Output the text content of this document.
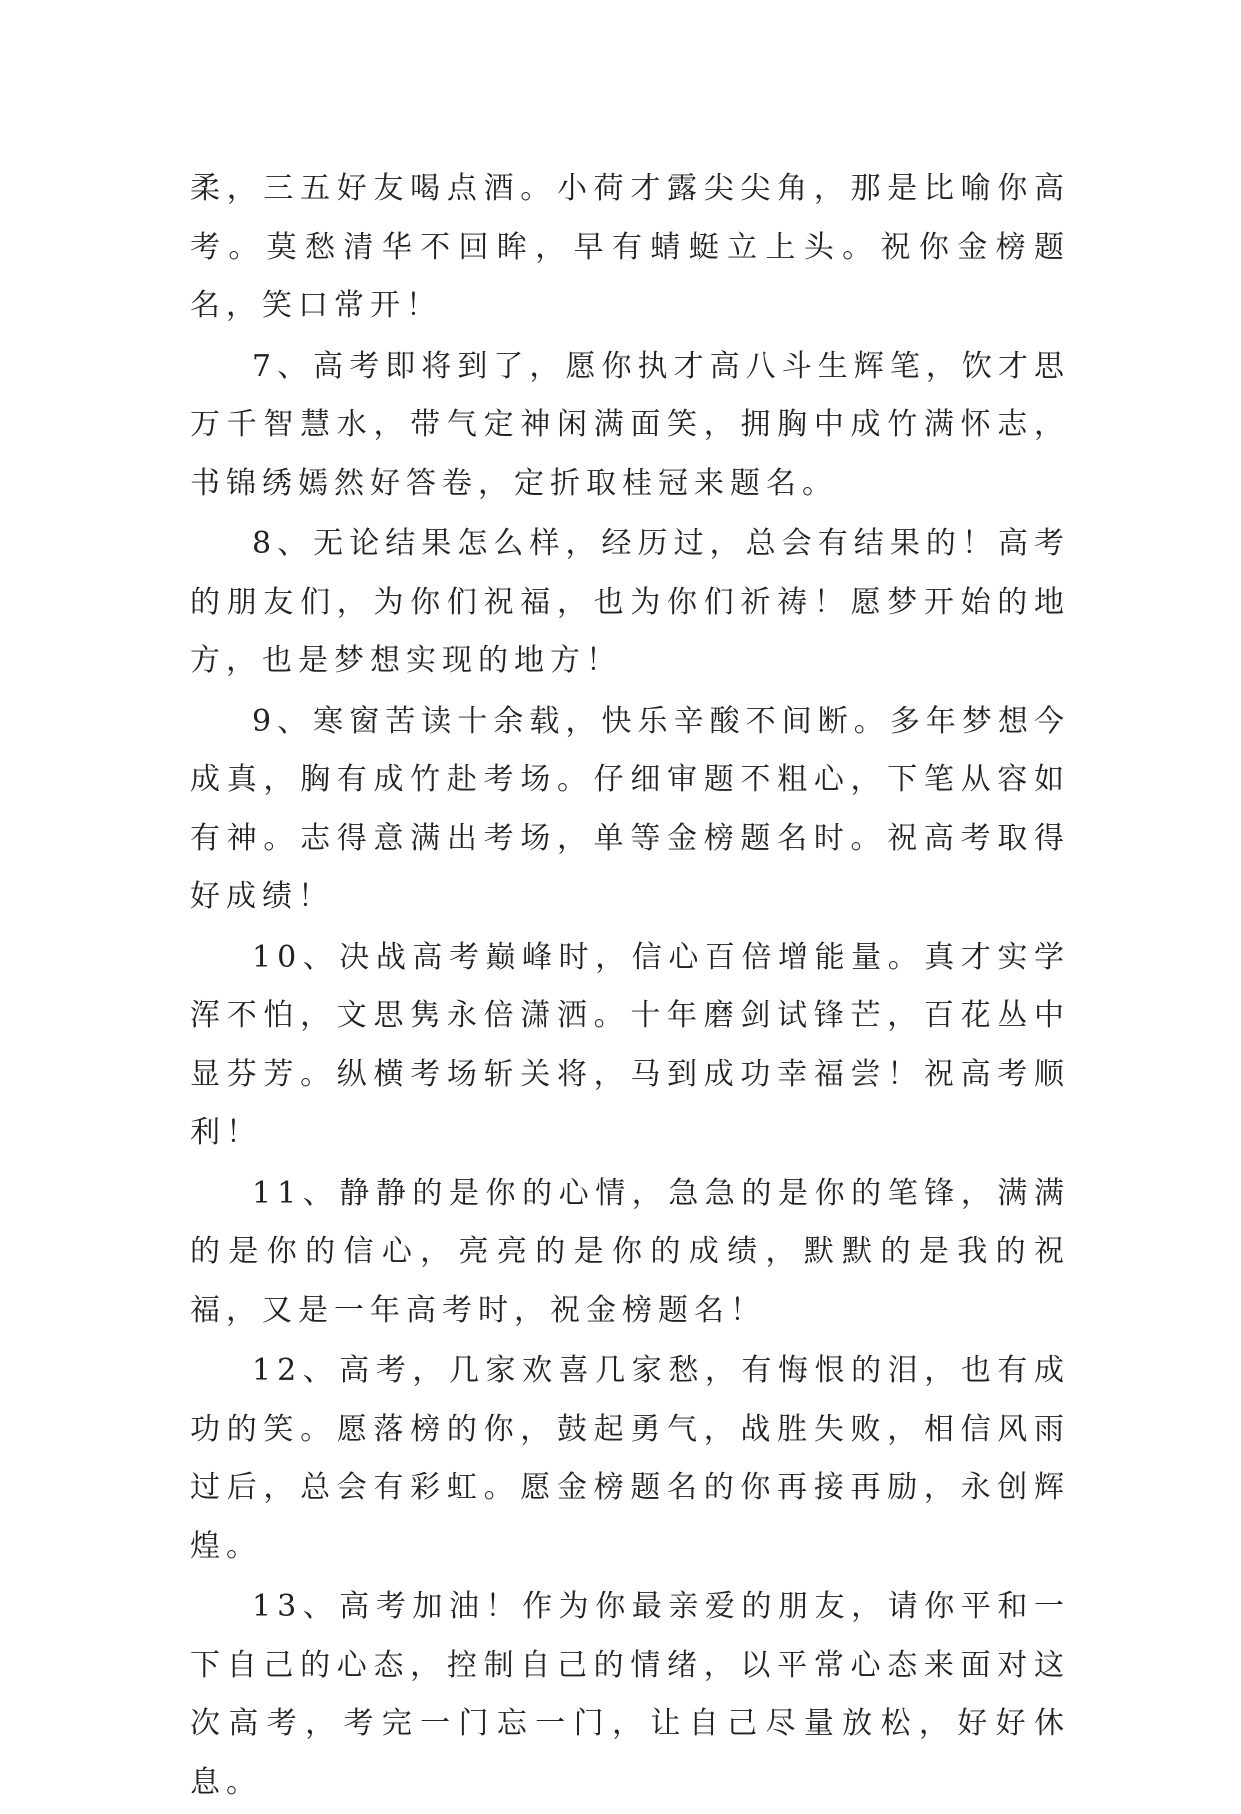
柔，三五好友喝点酒。小荷才露尖尖角，那是比喻你高考。莫愁清华不回眸，早有蜻蜓立上头。祝你金榜题名，笑口常开！

7、高考即将到了，愿你执才高八斗生辉笔，饮才思万千智慧水，带气定神闲满面笑，拥胸中成竹满怀志，书锦绣嫣然好答卷，定折取桂冠来题名。

8、无论结果怎么样，经历过，总会有结果的！高考的朋友们，为你们祝福，也为你们祈祷！愿梦开始的地方，也是梦想实现的地方！

9、寒窗苦读十余载，快乐辛酸不间断。多年梦想今成真，胸有成竹赴考场。仔细审题不粗心，下笔从容如有神。志得意满出考场，单等金榜题名时。祝高考取得好成绩！

10、决战高考巅峰时，信心百倍增能量。真才实学浑不怕，文思隽永倍潇洒。十年磨剑试锋芒，百花丛中显芬芳。纵横考场斩关将，马到成功幸福尝！祝高考顺利！

11、静静的是你的心情，急急的是你的笔锋，满满的是你的信心，亮亮的是你的成绩，默默的是我的祝福，又是一年高考时，祝金榜题名！

12、高考，几家欢喜几家愁，有悔恨的泪，也有成功的笑。愿落榜的你，鼓起勇气，战胜失败，相信风雨过后，总会有彩虹。愿金榜题名的你再接再励，永创辉煌。

13、高考加油！作为你最亲爱的朋友，请你平和一下自己的心态，控制自己的情绪，以平常心态来面对这次高考，考完一门忘一门，让自己尽量放松，好好休息。
